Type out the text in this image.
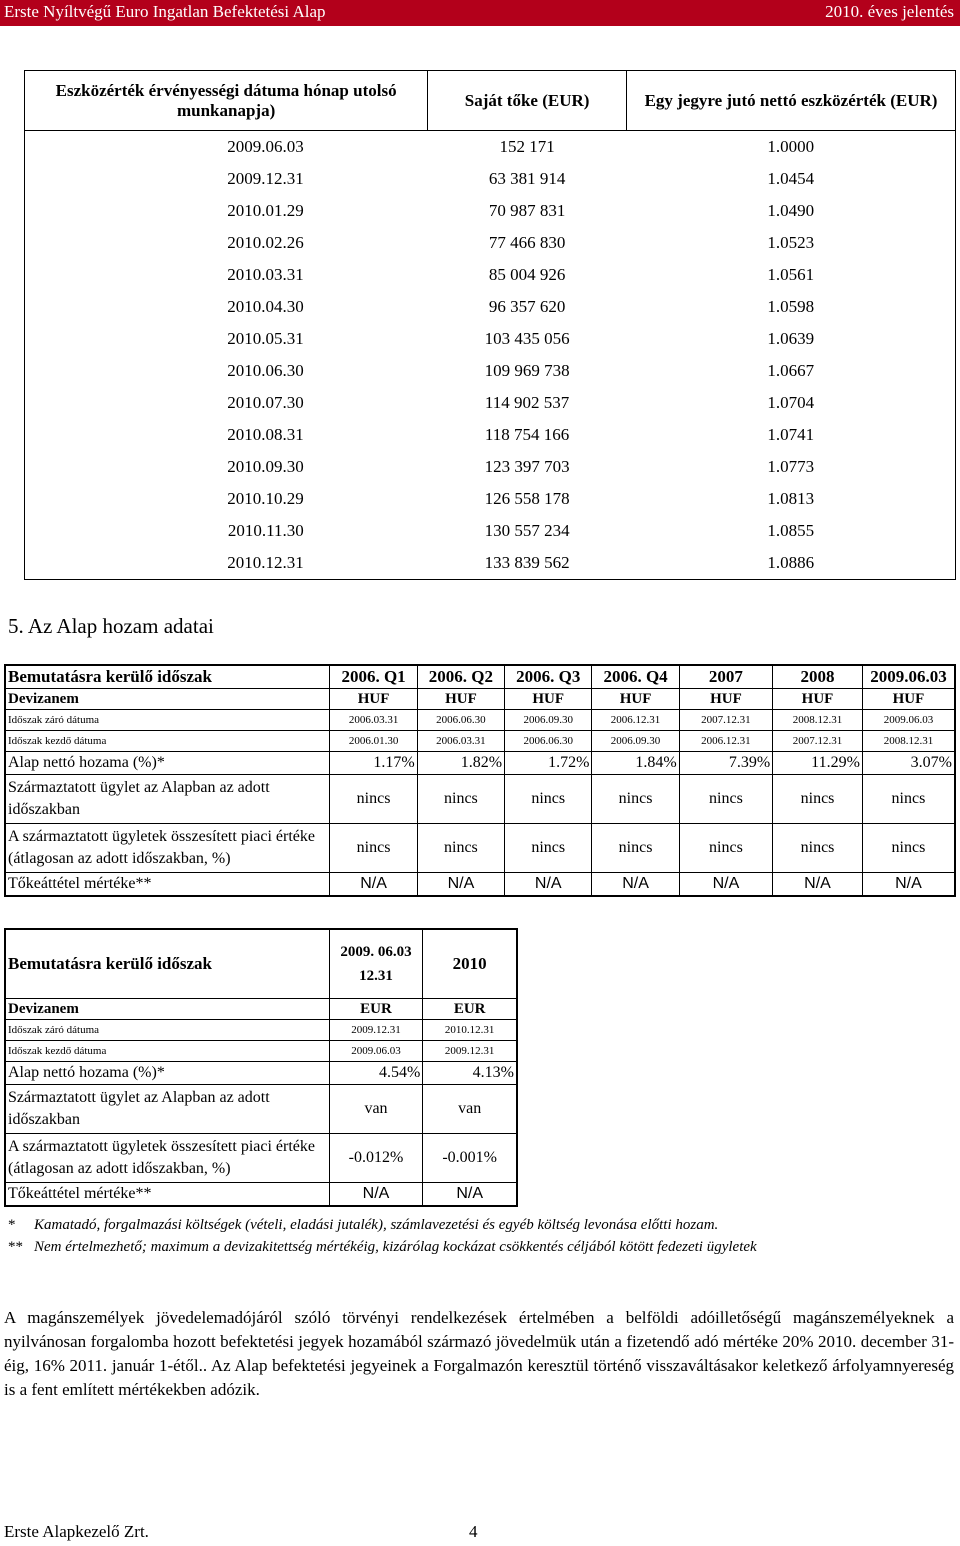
Erste Nyíltvégű Euro Ingatlan Befektetési Alap	2010. éves jelentés
Eszközérték érvényességi dátuma hónap utolsó munkanapja)	Saját tőke (EUR)	Egy jegyre jutó nettó eszközérték (EUR)
2009.06.03	152 171	1.0000
2009.12.31	63 381 914	1.0454
2010.01.29	70 987 831	1.0490
2010.02.26	77 466 830	1.0523
2010.03.31	85 004 926	1.0561
2010.04.30	96 357 620	1.0598
2010.05.31	103 435 056	1.0639
2010.06.30	109 969 738	1.0667
2010.07.30	114 902 537	1.0704
2010.08.31	118 754 166	1.0741
2010.09.30	123 397 703	1.0773
2010.10.29	126 558 178	1.0813
2010.11.30	130 557 234	1.0855
2010.12.31	133 839 562	1.0886
5. Az Alap hozam adatai
Bemutatásra kerülő időszak	2006. Q1	2006. Q2	2006. Q3	2006. Q4	2007	2008	2009.06.03
Devizanem	HUF	HUF	HUF	HUF	HUF	HUF	HUF
Időszak záró dátuma	2006.03.31	2006.06.30	2006.09.30	2006.12.31	2007.12.31	2008.12.31	2009.06.03
Időszak kezdő dátuma	2006.01.30	2006.03.31	2006.06.30	2006.09.30	2006.12.31	2007.12.31	2008.12.31
Alap nettó hozama (%)*	1.17%	1.82%	1.72%	1.84%	7.39%	11.29%	3.07%
Származtatott ügylet az Alapban az adott időszakban	nincs	nincs	nincs	nincs	nincs	nincs	nincs
A származtatott ügyletek összesített piaci értéke (átlagosan az adott időszakban, %)	nincs	nincs	nincs	nincs	nincs	nincs	nincs
Tőkeáttétel mértéke**	N/A	N/A	N/A	N/A	N/A	N/A	N/A
Bemutatásra kerülő időszak	2009. 06.03 12.31	2010
Devizanem	EUR	EUR
Időszak záró dátuma	2009.12.31	2010.12.31
Időszak kezdő dátuma	2009.06.03	2009.12.31
Alap nettó hozama (%)*	4.54%	4.13%
Származtatott ügylet az Alapban az adott időszakban	van	van
A származtatott ügyletek összesített piaci értéke (átlagosan az adott időszakban, %)	-0.012%	-0.001%
Tőkeáttétel mértéke**	N/A	N/A
*	Kamatadó, forgalmazási költségek (vételi, eladási jutalék), számlavezetési és egyéb költség levonása előtti hozam.
** Nem értelmezhető; maximum a devizakitettség mértékéig, kizárólag kockázat csökkentés céljából kötött fedezeti ügyletek
A magánszemélyek jövedelemadójáról szóló törvényi rendelkezések értelmében a belföldi adóilletőségű magánszemélyeknek a nyilvánosan forgalomba hozott befektetési jegyek hozamából származó jövedelmük után a fizetendő adó mértéke 20% 2010. december 31-éig, 16% 2011. január 1-étől.. Az Alap befektetési jegyeinek a Forgalmazón keresztül történő visszaváltásakor keletkező árfolyamnyereség is a fent említett mértékekben adózik.
Erste Alapkezelő Zrt.	4
